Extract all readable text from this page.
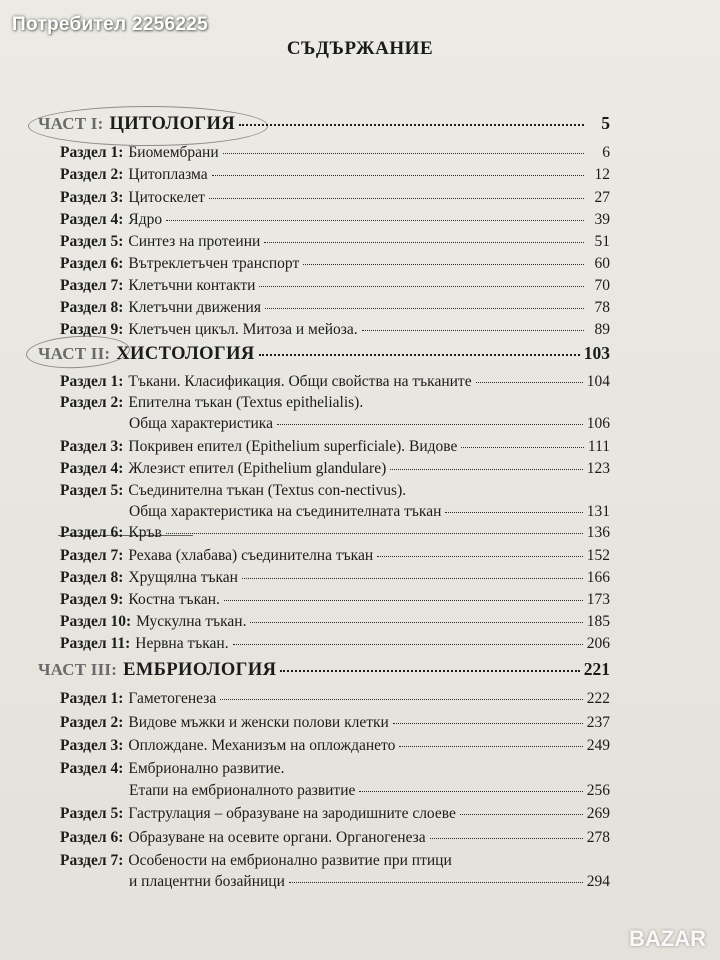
Потребител 2256225
СЪДЪРЖАНИЕ
ЧАСТ I: ЦИТОЛОГИЯ	5
Раздел 1: Биомембрани	6
Раздел 2: Цитоплазма	12
Раздел 3: Цитоскелет	27
Раздел 4: Ядро	39
Раздел 5: Синтез на протеини	51
Раздел 6: Вътреклетъчен транспорт	60
Раздел 7: Клетъчни контакти	70
Раздел 8: Клетъчни движения	78
Раздел 9: Клетъчен цикъл. Митоза и мейоза.	89
ЧАСТ II: ХИСТОЛОГИЯ	103
Раздел 1: Тъкани. Класификация. Общи свойства на тъканите	104
Раздел 2: Епителна тъкан (Textus epithelialis).
Обща характеристика	106
Раздел 3: Покривен епител (Epithelium superficiale). Видове	111
Раздел 4: Жлезист епител (Epithelium glandulare)	123
Раздел 5: Съединителна тъкан (Textus con-nectivus).
Обща характеристика на съединителната тъкан	131
Раздел 6: Кръв	136
Раздел 7: Рехава (хлабава) съединителна тъкан	152
Раздел 8: Хрущялна тъкан	166
Раздел 9: Костна тъкан.	173
Раздел 10: Мускулна тъкан.	185
Раздел 11: Нервна тъкан.	206
ЧАСТ III: ЕМБРИОЛОГИЯ	221
Раздел 1: Гаметогенеза	222
Раздел 2: Видове мъжки и женски полови клетки	237
Раздел 3: Оплождане. Механизъм на оплождането	249
Раздел 4: Ембрионално развитие.
Етапи на ембрионалното развитие	256
Раздел 5: Гаструлация – образуване на зародишните слоеве	269
Раздел 6: Образуване на осевите органи. Органогенеза	278
Раздел 7: Особености на ембрионално развитие при птици
и плацентни бозайници	294
BAZAR
